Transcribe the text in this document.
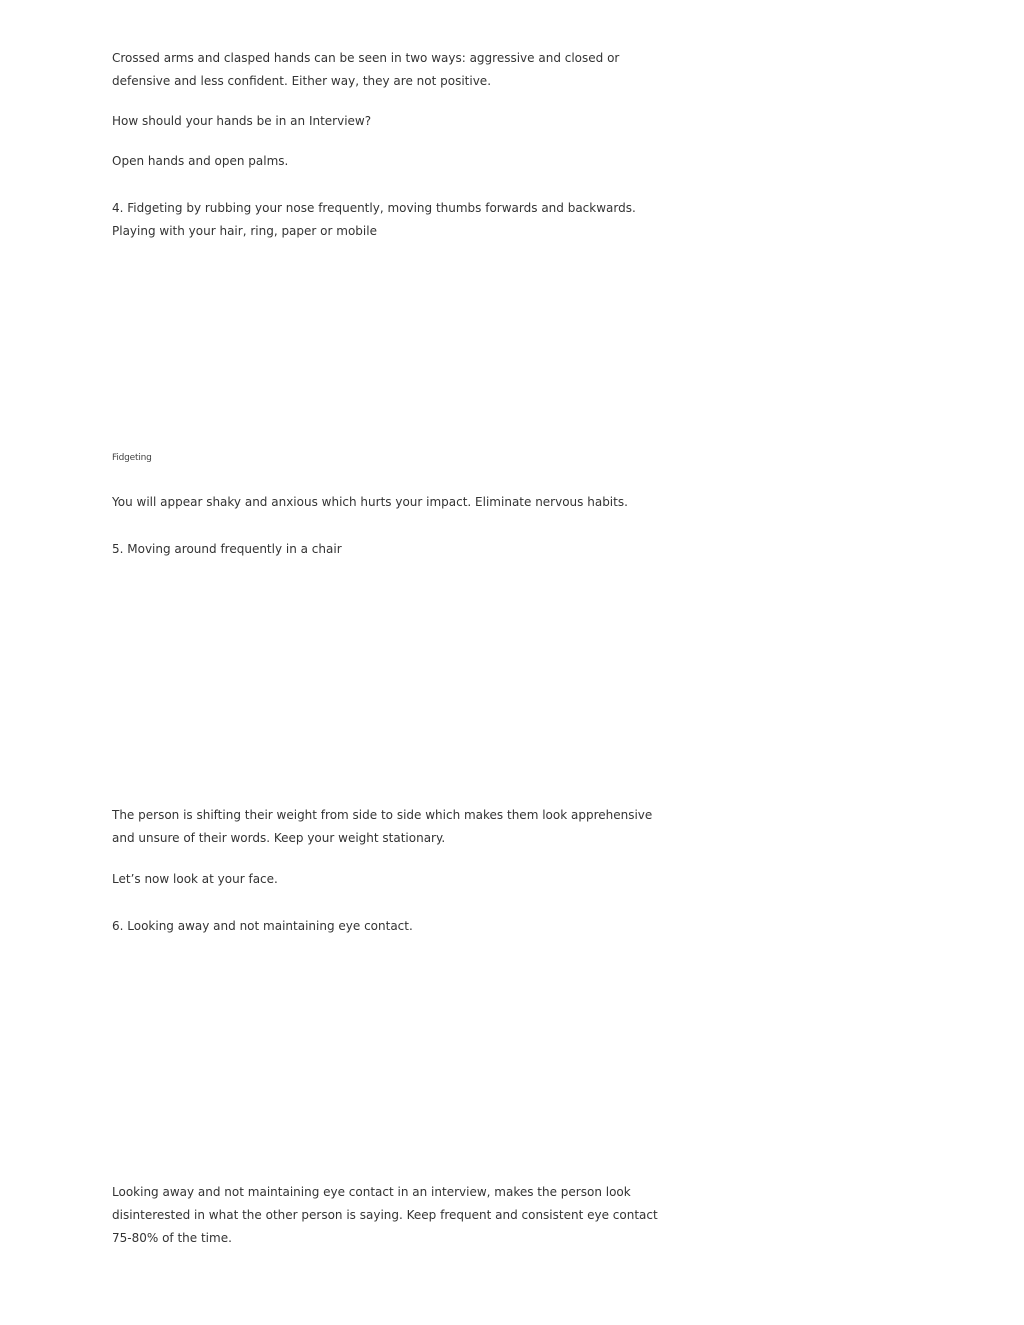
Crossed arms and clasped hands can be seen in two ways: aggressive and closed or defensive and less confident. Either way, they are not positive.

How should your hands be in an Interview?

Open hands and open palms.

4. Fidgeting by rubbing your nose frequently, moving thumbs forwards and backwards. Playing with your hair, ring, paper or mobile

Fidgeting

You will appear shaky and anxious which hurts your impact. Eliminate nervous habits.

5. Moving around frequently in a chair

The person is shifting their weight from side to side which makes them look apprehensive and unsure of their words. Keep your weight stationary.

Let’s now look at your face.

6. Looking away and not maintaining eye contact.

Looking away and not maintaining eye contact in an interview, makes the person look disinterested in what the other person is saying. Keep frequent and consistent eye contact 75-80% of the time.
